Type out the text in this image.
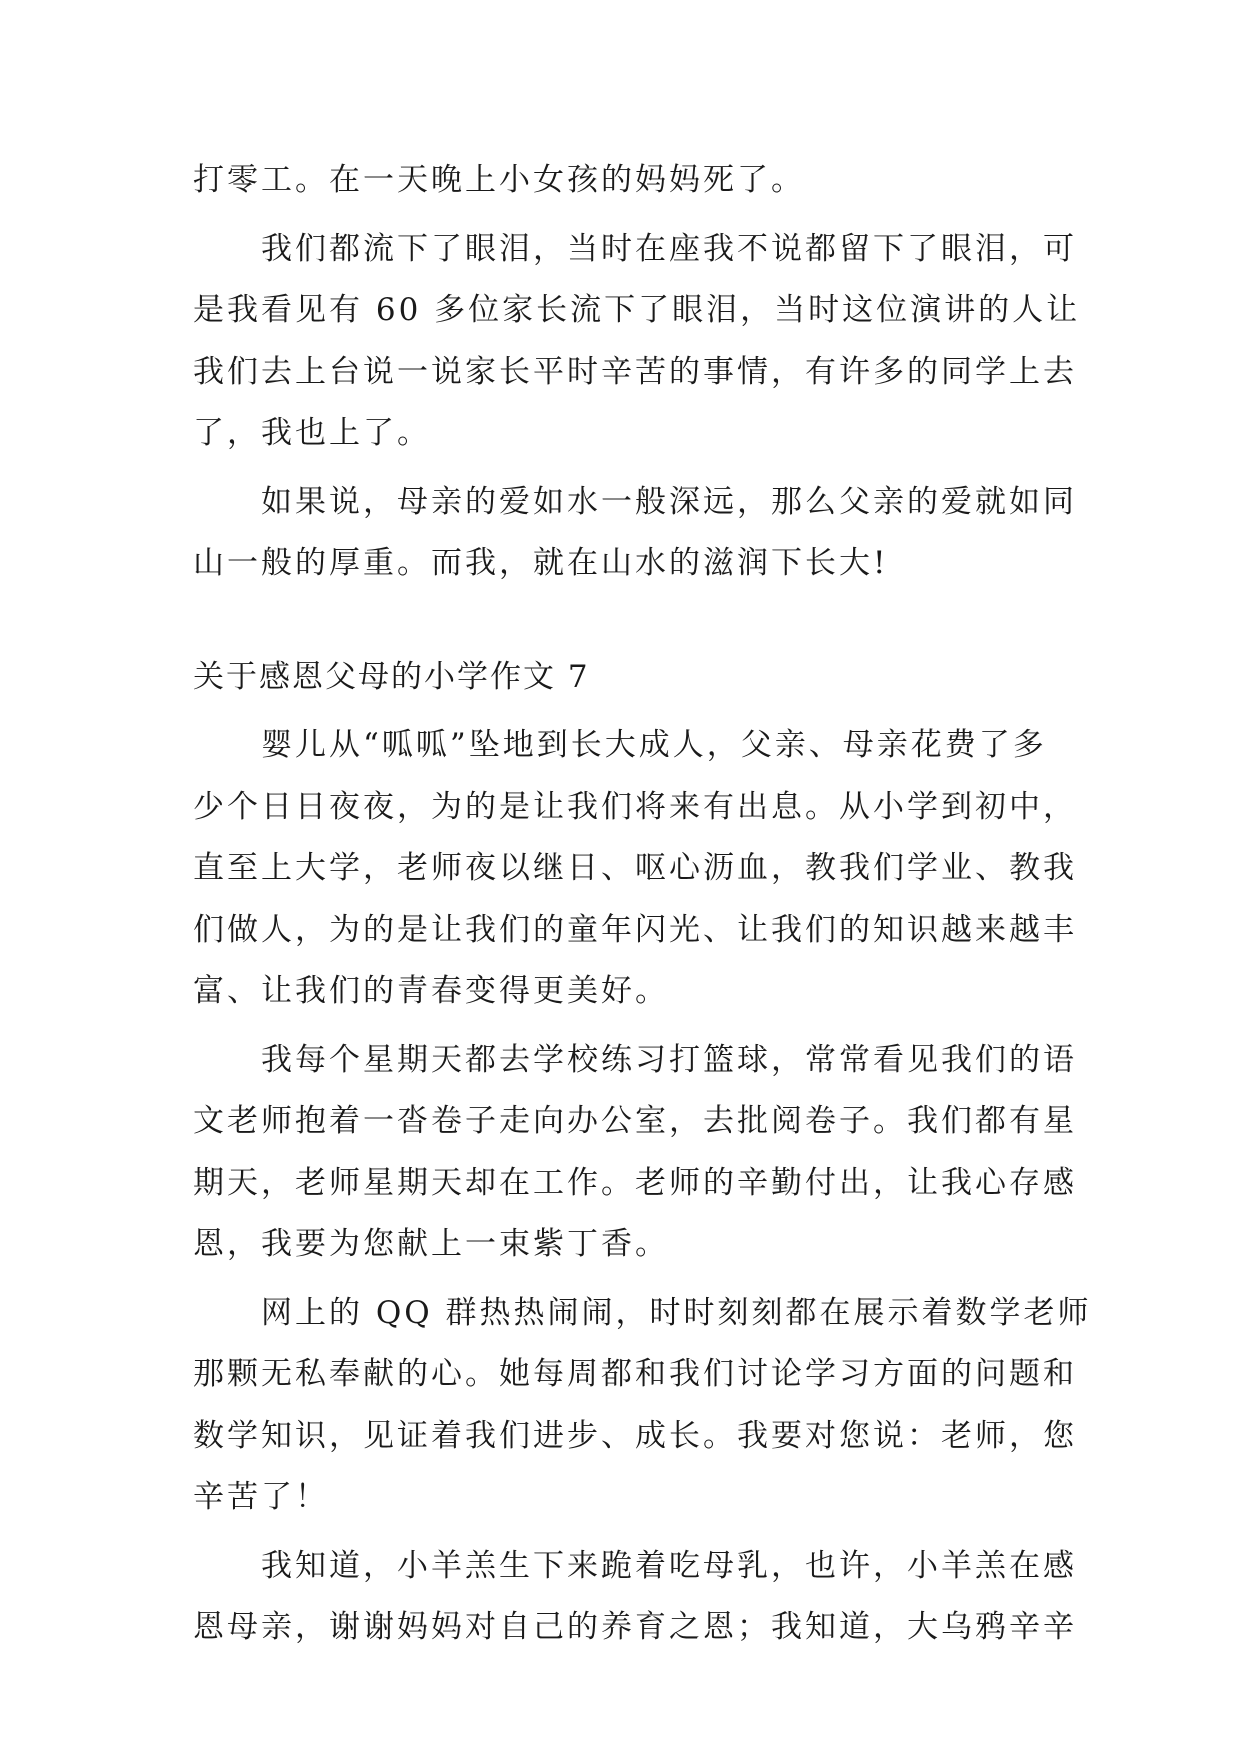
打零工。在一天晚上小女孩的妈妈死了。
我们都流下了眼泪，当时在座我不说都留下了眼泪，可
是我看见有 60 多位家长流下了眼泪，当时这位演讲的人让
我们去上台说一说家长平时辛苦的事情，有许多的同学上去
了，我也上了。
如果说，母亲的爱如水一般深远，那么父亲的爱就如同
山一般的厚重。而我，就在山水的滋润下长大!
关于感恩父母的小学作文 7
婴儿从“呱呱”坠地到长大成人，父亲、母亲花费了多
少个日日夜夜，为的是让我们将来有出息。从小学到初中，
直至上大学，老师夜以继日、呕心沥血，教我们学业、教我
们做人，为的是让我们的童年闪光、让我们的知识越来越丰
富、让我们的青春变得更美好。
我每个星期天都去学校练习打篮球，常常看见我们的语
文老师抱着一沓卷子走向办公室，去批阅卷子。我们都有星
期天，老师星期天却在工作。老师的辛勤付出，让我心存感
恩，我要为您献上一束紫丁香。
网上的 QQ 群热热闹闹，时时刻刻都在展示着数学老师
那颗无私奉献的心。她每周都和我们讨论学习方面的问题和
数学知识，见证着我们进步、成长。我要对您说：老师，您
辛苦了！
我知道，小羊羔生下来跪着吃母乳，也许，小羊羔在感
恩母亲，谢谢妈妈对自己的养育之恩；我知道，大乌鸦辛辛
